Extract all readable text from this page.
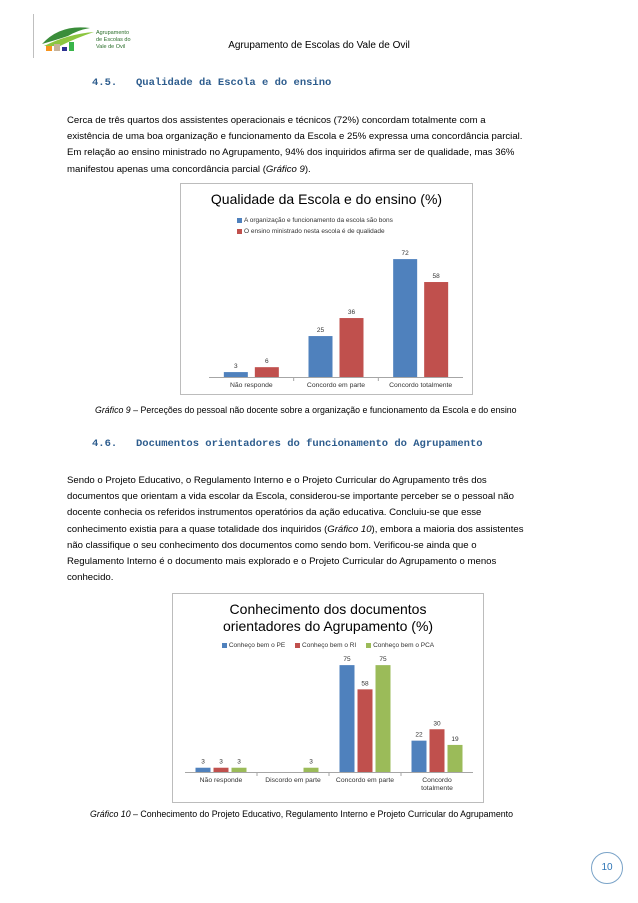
Agrupamento
de Escolas do
Vale de Ovil	Agrupamento de Escolas do Vale de Ovil
4.5. Qualidade da Escola e do ensino
Cerca de três quartos dos assistentes operacionais e técnicos (72%) concordam totalmente com a
existência de uma boa organização e funcionamento da Escola e 25% expressa uma concordância parcial.
Em relação ao ensino ministrado no Agrupamento, 94% dos inquiridos afirma ser de qualidade, mas 36%
manifestou apenas uma concordância parcial (Gráfico 9).
Qualidade da Escola e do ensino (%)
A organização e funcionamento da escola são bons
O ensino ministrado nesta escola é de qualidade
3
6
Não responde
25
36
Concordo em parte
72
58
Concordo totalmente
Gráfico 9 – Perceções do pessoal não docente sobre a organização e funcionamento da Escola e do ensino
4.6. Documentos orientadores do funcionamento do Agrupamento
Sendo o Projeto Educativo, o Regulamento Interno e o Projeto Curricular do Agrupamento três dos
documentos que orientam a vida escolar da Escola, considerou-se importante perceber se o pessoal não
docente conhecia os referidos instrumentos operatórios da ação educativa. Concluiu-se que esse
conhecimento existia para a quase totalidade dos inquiridos (Gráfico 10), embora a maioria dos assistentes
não classifique o seu conhecimento dos documentos como sendo bom. Verificou-se ainda que o
Regulamento Interno é o documento mais explorado e o Projeto Curricular do Agrupamento o menos
conhecido.
Conhecimento dos documentos
orientadores do Agrupamento (%)
Conheço bem o PE	Conheço bem o RI	Conheço bem o PCA
3 3 3
Não responde
3
Discordo em parte
75
58
75
Concordo em parte
22
30
19
Concordo
totalmente
Gráfico 10 – Conhecimento do Projeto Educativo, Regulamento Interno e Projeto Curricular do Agrupamento
10
